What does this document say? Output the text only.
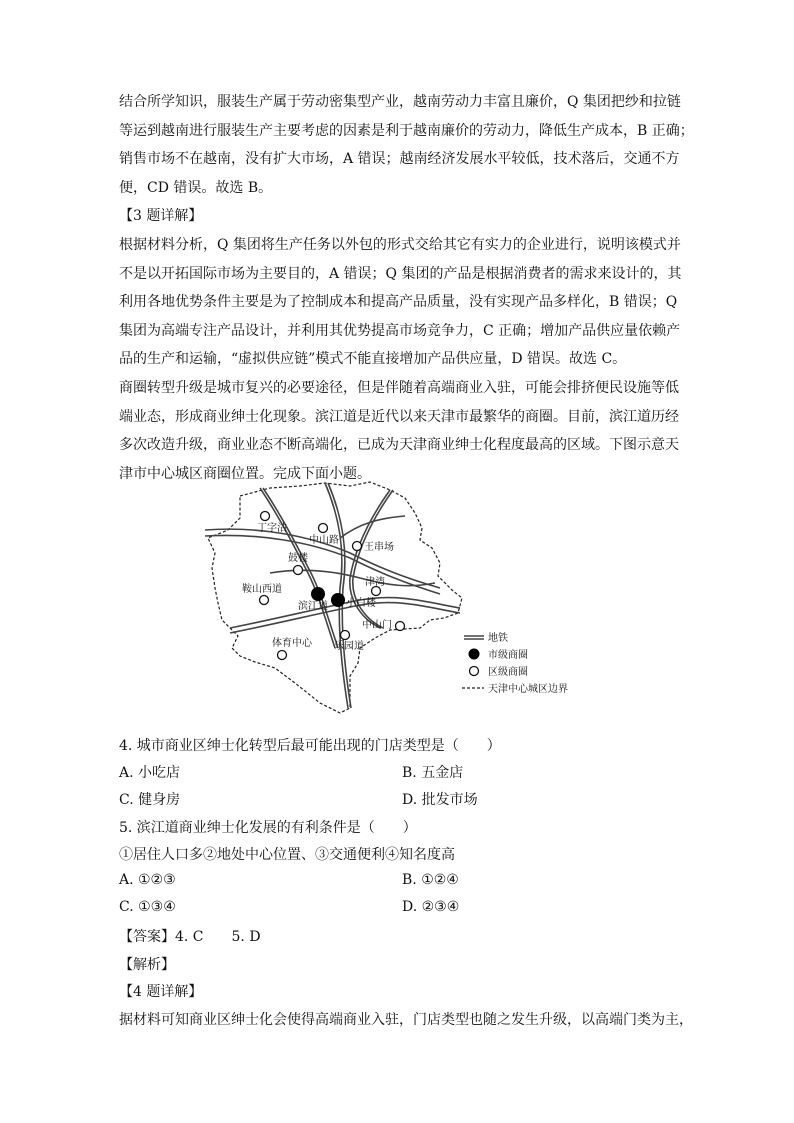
结合所学知识，服装生产属于劳动密集型产业，越南劳动力丰富且廉价，Q 集团把纱和拉链
等运到越南进行服装生产主要考虑的因素是利于越南廉价的劳动力，降低生产成本，B 正确；
销售市场不在越南，没有扩大市场，A 错误；越南经济发展水平较低，技术落后，交通不方
便，CD 错误。故选 B。
【3 题详解】

根据材料分析，Q 集团将生产任务以外包的形式交给其它有实力的企业进行，说明该模式并
不是以开拓国际市场为主要目的，A 错误；Q 集团的产品是根据消费者的需求来设计的，其
利用各地优势条件主要是为了控制成本和提高产品质量，没有实现产品多样化，B 错误；Q
集团为高端专注产品设计，并利用其优势提高市场竞争力，C 正确；增加产品供应量依赖产
品的生产和运输，“虚拟供应链”模式不能直接增加产品供应量，D 错误。故选 C。

商圈转型升级是城市复兴的必要途径，但是伴随着高端商业入驻，可能会排挤便民设施等低
端业态，形成商业绅士化现象。滨江道是近代以来天津市最繁华的商圈。目前，滨江道历经
多次改造升级，商业业态不断高端化，已成为天津商业绅士化程度最高的区域。下图示意天
津市中心城区商圈位置。完成下面小题。

丁字沽
中山路
王串场
鼓楼
鞍山西道
津湾
滨江道 小白楼
中山门
体育中心 乐园道
地铁
市级商圈
区级商圈
天津中心城区边界
4. 城市商业区绅士化转型后最可能出现的门店类型是（　　）
A. 小吃店	B. 五金店
C. 健身房	D. 批发市场
5. 滨江道商业绅士化发展的有利条件是（　　）
①居住人口多②地处中心位置、③交通便利④知名度高
A. ①②③	B. ①②④
C. ①③④	D. ②③④
【答案】4. C　　5. D
【解析】
【4 题详解】
据材料可知商业区绅士化会使得高端商业入驻，门店类型也随之发生升级，以高端门类为主，
